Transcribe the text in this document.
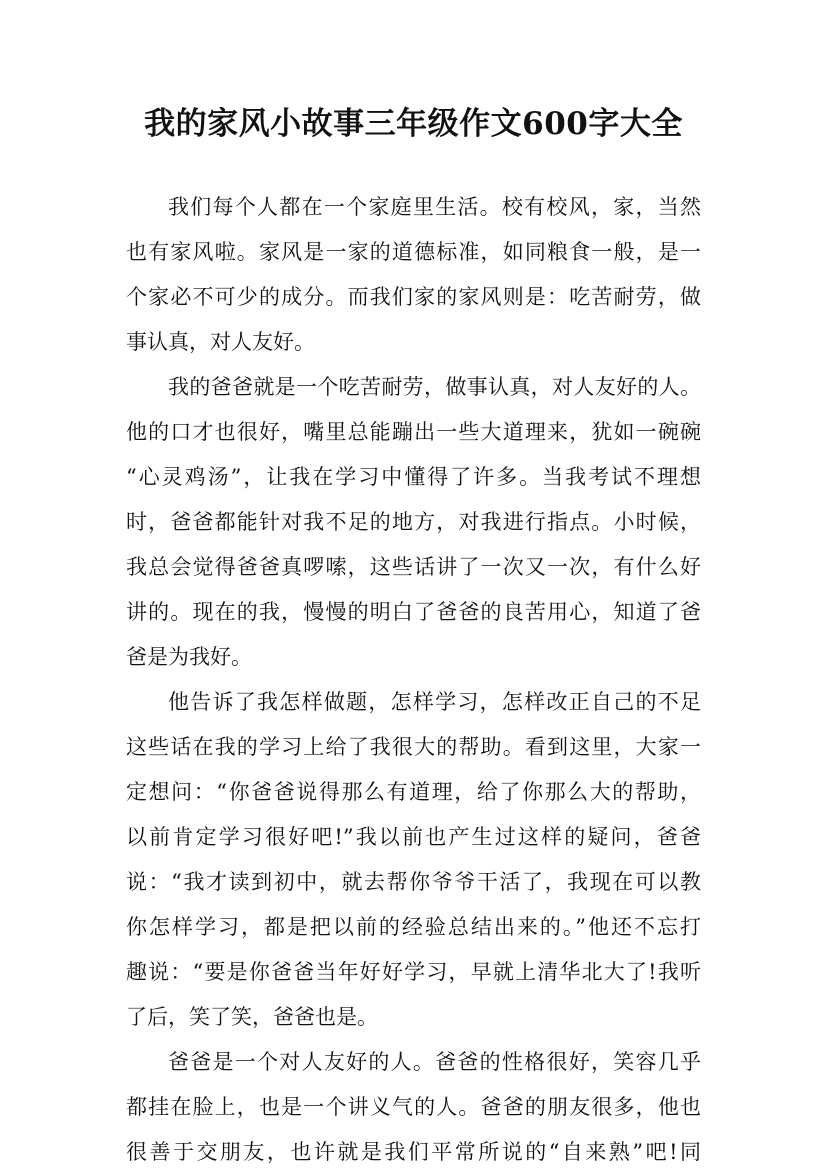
我的家风小故事三年级作文600字大全
我们每个人都在一个家庭里生活。校有校风，家，当然
也有家风啦。家风是一家的道德标准，如同粮食一般，是一
个家必不可少的成分。而我们家的家风则是：吃苦耐劳，做
事认真，对人友好。
我的爸爸就是一个吃苦耐劳，做事认真，对人友好的人。
他的口才也很好，嘴里总能蹦出一些大道理来，犹如一碗碗
“心灵鸡汤”，让我在学习中懂得了许多。当我考试不理想
时，爸爸都能针对我不足的地方，对我进行指点。小时候，
我总会觉得爸爸真啰嗦，这些话讲了一次又一次，有什么好
讲的。现在的我，慢慢的明白了爸爸的良苦用心，知道了爸
爸是为我好。
他告诉了我怎样做题，怎样学习，怎样改正自己的不足
这些话在我的学习上给了我很大的帮助。看到这里，大家一
定想问：“你爸爸说得那么有道理，给了你那么大的帮助，
以前肯定学习很好吧!”我以前也产生过这样的疑问，爸爸
说：“我才读到初中，就去帮你爷爷干活了，我现在可以教
你怎样学习，都是把以前的经验总结出来的。”他还不忘打
趣说：“要是你爸爸当年好好学习，早就上清华北大了!我听
了后，笑了笑，爸爸也是。
爸爸是一个对人友好的人。爸爸的性格很好，笑容几乎
都挂在脸上，也是一个讲义气的人。爸爸的朋友很多，他也
很善于交朋友，也许就是我们平常所说的“自来熟”吧!同
